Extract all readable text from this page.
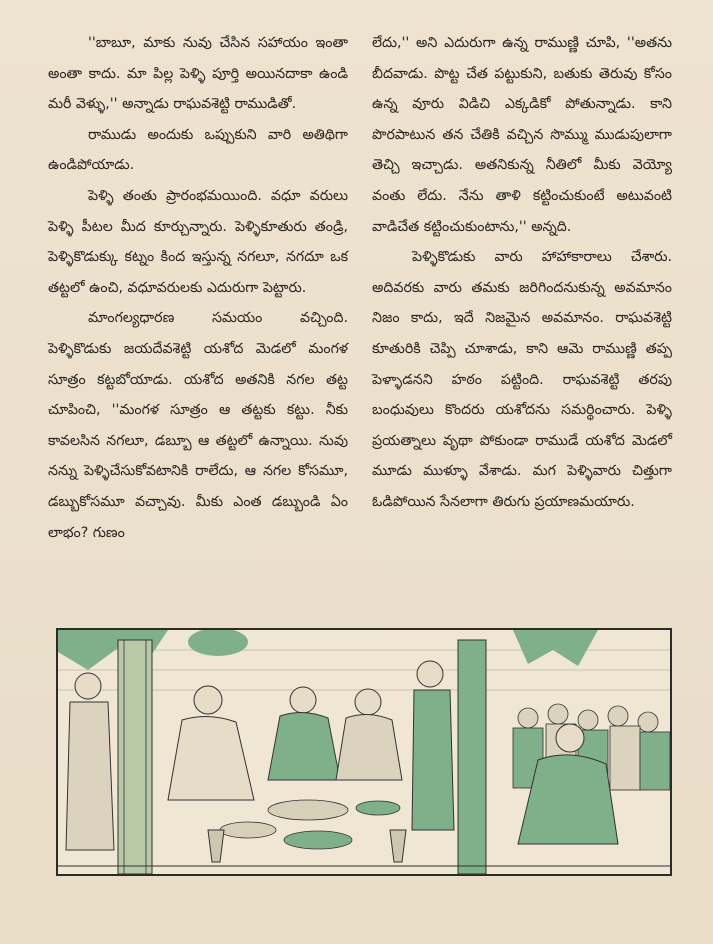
''బాబూ, మాకు నువు చేసిన సహాయం ఇంతా అంతా కాదు. మా పిల్ల పెళ్ళి పూర్తి అయినదాకా ఉండి మరీ వెళ్ళు,'' అన్నాడు రాఘవశెట్టి రాముడితో.

రాముడు అందుకు ఒప్పుకుని వారి అతిథిగా ఉండిపోయాడు.

పెళ్ళి తంతు ప్రారంభమయింది. వధూ వరులు పెళ్ళి పీటల మీద కూర్చున్నారు. పెళ్ళికూతురు తండ్రి, పెళ్ళికొడుక్కు కట్నం కింద ఇస్తున్న నగలూ, నగదూ ఒక తట్టలో ఉంచి, వధూవరులకు ఎదురుగా పెట్టారు.

మాంగల్యధారణ సమయం వచ్చింది. పెళ్ళికొడుకు జయదేవశెట్టి యశోద మెడలో మంగళ సూత్రం కట్టబోయాడు. యశోద అతనికి నగల తట్ట చూపించి, ''మంగళ సూత్రం ఆ తట్టకు కట్టు. నీకు కావలసిన నగలూ, డబ్బూ ఆ తట్టలో ఉన్నాయి. నువు నన్ను పెళ్ళిచేసుకోవటానికి రాలేదు, ఆ నగల కోసమూ, డబ్బుకోసమూ వచ్చావు. మీకు ఎంత డబ్బుండి ఏం లాభం? గుణం

లేదు,'' అని ఎదురుగా ఉన్న రాముణ్ణి చూపి, ''అతను బీదవాడు. పొట్ట చేత పట్టుకుని, బతుకు తెరువు కోసం ఉన్న వూరు విడిచి ఎక్కడికో పోతున్నాడు. కాని పొరపాటున తన చేతికి వచ్చిన సొమ్ము ముడుపులాగా తెచ్చి ఇచ్చాడు. అతనికున్న నీతిలో మీకు వెయ్యో వంతు లేదు. నేను తాళి కట్టించుకుంటే అటువంటి వాడిచేత కట్టించుకుంటాను,'' అన్నది.

పెళ్ళికొడుకు వారు హాహాకారాలు చేశారు. అదివరకు వారు తమకు జరిగిందనుకున్న అవమానం నిజం కాదు, ఇదే నిజమైన అవమానం. రాఘవశెట్టి కూతురికి చెప్పి చూశాడు, కాని ఆమె రాముణ్ణి తప్ప పెళ్ళాడనని హఠం పట్టింది. రాఘవశెట్టి తరపు బంధువులు కొందరు యశోదను సమర్థించారు. పెళ్ళి ప్రయత్నాలు వృథా పోకుండా రాముడే యశోద మెడలో మూడు ముళ్ళూ వేశాడు. మగ పెళ్ళివారు చిత్తుగా ఓడిపోయిన సేనలాగా తిరుగు ప్రయాణమయారు.
